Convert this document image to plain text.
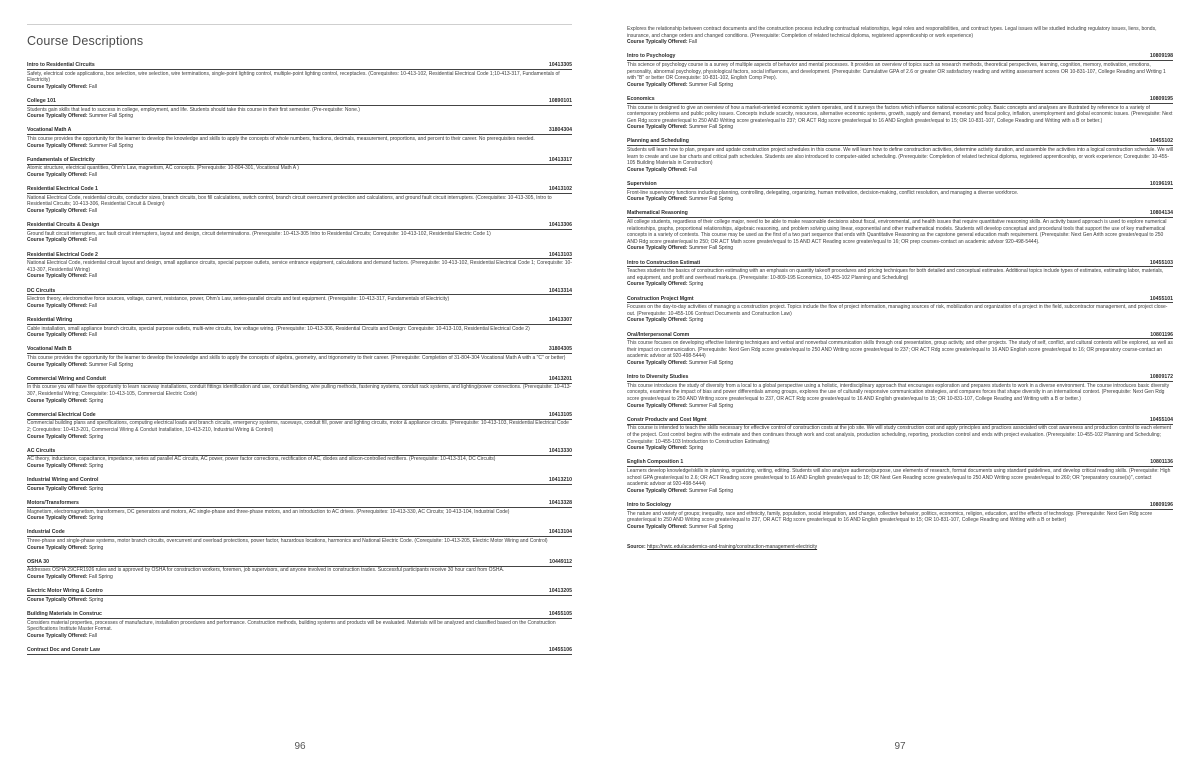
Course Descriptions
Intro to Residential Circuits	10413305
Safety, electrical code applications, box selection, wire selection, wire terminations, single-point lighting control, multiple-point lighting control, receptacles. (Corequisites: 10-413-102, Residential Electrical Code 1;10-413-317, Fundamentals of Electricity)
Course Typically Offered: Fall
College 101	10890101
Students gain skills that lead to success in college, employment, and life. Students should take this course in their first semester. (Pre-requisite: None.)
Course Typically Offered: Summer Fall Spring
Vocational Math A	31804304
This course provides the opportunity for the learner to develop the knowledge and skills to apply the concepts of whole numbers, fractions, decimals, measurement, proportions, and percent to their career. No prerequisites needed.
Course Typically Offered: Summer Fall Spring
Fundamentals of Electricity	10413317
Atomic structure, electrical quantities, Ohm's Law, magnetism, AC concepts. (Prerequisite: 10-804-301, Vocational Math A )
Course Typically Offered: Fall
Residential Electrical Code 1	10413102
National Electrical Code, residential circuits, conductor sizes, branch circuits, box fill calculations, switch control, branch circuit overcurrent protection and calculations, and ground fault circuit interrupters. (Corequisites: 10-413-305, Intro to Residential Circuits; 10-413-306, Residential Circuit & Design)
Course Typically Offered: Fall
Residential Circuits & Design	10413306
Ground fault circuit interrupters, arc fault circuit interrupters, layout and design, circuit determinations. (Prerequisite: 10-413-305 Intro to Residential Circuits; Corequisite: 10-413-102, Residential Electric Code 1)
Course Typically Offered: Fall
Residential Electrical Code 2	10413103
National Electrical Code, residential circuit layout and design, small appliance circuits, special purpose outlets, service entrance equipment, calculations and demand factors. (Prerequisite: 10-413-102, Residential Electrical Code 1; Corequisite: 10-413-307, Residential Wiring)
Course Typically Offered: Fall
DC Circuits	10413314
Electron theory, electromotive force sources, voltage, current, resistance, power, Ohm's Law, series-parallel circuits and test equipment. (Prerequisite: 10-413-317, Fundamentals of Electricity)
Course Typically Offered: Fall
Residential Wiring	10413307
Cable installation, small appliance branch circuits, special purpose outlets, multi-wire circuits, low voltage wiring. (Prerequisite: 10-413-306, Residential Circuits and Design: Corequisite: 10-413-103, Residential Electrical Code 2)
Course Typically Offered: Fall
Vocational Math B	31804305
This course provides the opportunity for the learner to develop the knowledge and skills to apply the concepts of algebra, geometry, and trigonometry to their career. (Prerequisite: Completion of 31-804-304 Vocational Math A with a "C" or better)
Course Typically Offered: Summer Fall Spring
Commercial Wiring and Conduit	10413201
In this course you will have the opportunity to learn raceway installations, conduit fittings identification and use, conduit bending, wire pulling methods, fastening systems, conduit rack systems, and lighting/power connections. (Prerequisite: 10-413-307, Residential Wiring; Corequisite: 10-413-105, Commercial Electric Code)
Course Typically Offered: Spring
Commercial Electrical Code	10413105
Commercial building plans and specifications, computing electrical loads and branch circuits, emergency systems, raceways, conduit fill, power and lighting circuits, motor & appliance circuits. (Prerequisite: 10-413-103, Residential Electrical Code 2; Corequisites: 10-413-201, Commercial Wiring & Conduit Installation, 10-413-210, Industrial Wiring & Control)
Course Typically Offered: Spring
AC Circuits	10413330
AC theory, inductance, capacitance, impedance, series ad parallel AC circuits, AC power, power factor corrections, rectification of AC, diodes and silicon-controlled rectifiers. (Prerequisite: 10-413-314, DC Circuits)
Course Typically Offered: Spring
Industrial Wiring and Control	10413210
Course Typically Offered: Spring
Motors/Transformers	10413328
Magnetism, electromagnetism, transformers, DC generators and motors, AC single-phase and three-phase motors, and an introduction to AC drives. (Prerequisites: 10-413-330, AC Circuits; 10-413-104, Industrial Code)
Course Typically Offered: Spring
Industrial Code	10413104
Three-phase and single-phase systems, motor branch circuits, overcurrent and overload protections, power factor, hazardous locations, harmonics and National Electric Code. (Corequisite: 10-413-205, Electric Motor Wiring and Control)
Course Typically Offered: Spring
OSHA 30	10449112
Addresses OSHA 29CFR1926 rules and is approved by OSHA for construction workers, foremen, job supervisors, and anyone involved in construction trades. Successful participants receive 30 hour card from OSHA.
Course Typically Offered: Fall Spring
Electric Motor Wiring & Contro	10413205
Course Typically Offered: Spring
Building Materials in Construc	10455105
Considers material properties, processes of manufacture, installation procedures and performance. Construction methods, building systems and products will be evaluated. Materials will be analyzed and classified based on the Construction Specifications Institute Master Format.
Course Typically Offered: Fall
Contract Doc and Constr Law	10455106
96
Explores the relationship between contract documents and the construction process including contractual relationships, legal roles and responsibilities, and contract types. Legal issues will be studied including regulatory issues, liens, bonds, insurance, and change orders and changed conditions. (Prerequisite: Completion of related technical diploma, registered apprenticeship or work experience)
Course Typically Offered: Fall
Intro to Psychology	10809198
This science of psychology course is a survey of multiple aspects of behavior and mental processes. It provides an overview of topics such as research methods, theoretical perspectives, learning, cognition, memory, motivation, emotions, personality, abnormal psychology, physiological factors, social influences, and development. (Prerequisite: Cumulative GPA of 2.6 or greater OR satisfactory reading and writing assessment scores OR 10-831-107, College Reading and Writing 1 with "B" or better OR Corequisite: 10-831-102, English Comp Prep).
Course Typically Offered: Summer Fall Spring
Economics	10809195
This course is designed to give an overview of how a market-oriented economic system operates, and it surveys the factors which influence national economic policy. Basic concepts and analyses are illustrated by reference to a variety of contemporary problems and public policy issues. Concepts include scarcity, resources, alternative economic systems, growth, supply and demand, monetary and fiscal policy, inflation, unemployment and global economic issues. (Prerequisite: Next Gen Rdg score greater/equal to 250 AND Writing score greater/equal to 237; OR ACT Rdg score greater/equal to 16 AND English greater/equal to 15; OR 10-831-107, College Reading and Writing with a B or better.)
Course Typically Offered: Summer Fall Spring
Planning and Scheduling	10455102
Students will learn how to plan, prepare and update construction project schedules in this course. We will learn how to define construction activities, determine activity duration, and assemble the activities into a logical construction schedule. We will learn to create and use bar charts and critical path schedules. Students are also introduced to computer-aided scheduling. (Prerequisite: Completion of related technical diploma, registered apprenticeship, or work experience; Corequisite: 10-455-105 Building Materials in Construction)
Course Typically Offered: Fall
Supervision	10196191
Front-line supervisory functions including planning, controlling, delegating, organizing, human motivation, decision-making, conflict resolution, and managing a diverse workforce.
Course Typically Offered: Summer Fall Spring
Mathematical Reasoning	10804134
All college students, regardless of their college major, need to be able to make reasonable decisions about fiscal, environmental, and health issues that require quantitative reasoning skills. An activity based approach is used to explore numerical relationships, graphs, proportional relationships, algebraic reasoning, and problem solving using linear, exponential and other mathematical models. Students will develop conceptual and procedural tools that support the use of key mathematical concepts in a variety of contexts. This course may be used as the first of a two part sequence that ends with Quantitative Reasoning as the capstone general education math requirement. (Prerequisite: Next Gen Arith score greater/equal to 250 AND Rdg score greater/equal to 250; OR ACT Math score greater/equal to 15 AND ACT Reading score greater/equal to 16; OR prep courses-contact an academic advisor 920-498-5444).
Course Typically Offered: Summer Fall Spring
Intro to Construction Estimati	10455103
Teaches students the basics of construction estimating with an emphasis on quantity takeoff procedures and pricing techniques for both detailed and conceptual estimates. Additional topics include types of estimates, estimating labor, materials, and equipment, and profit and overhead markups. (Prerequisite: 10-809-195 Economics, 10-455-102 Planning and Scheduling)
Course Typically Offered: Spring
Construction Project Mgmt	10455101
Focuses on the day-to-day activities of managing a construction project. Topics include the flow of project information, managing sources of risk, mobilization and organization of a project in the field, subcontractor management, and project close-out. (Prerequisite: 10-455-106 Contract Documents and Construction Law)
Course Typically Offered: Spring
Oral/Interpersonal Comm	10801196
This course focuses on developing effective listening techniques and verbal and nonverbal communication skills through oral presentation, group activity, and other projects. The study of self, conflict, and cultural contexts will be explored, as well as their impact on communication. (Prerequisite: Next Gen Rdg score greater/equal to 250 AND Writing score greater/equal to 237; OR ACT Rdg score greater/equal to 16 AND English score greater/equal to 16; OR preparatory course-contact an academic advisor at 920-498-5444)
Course Typically Offered: Summer Fall Spring
Intro to Diversity Studies	10809172
This course introduces the study of diversity from a local to a global perspective using a holistic, interdisciplinary approach that encourages exploration and prepares students to work in a diverse environment. The course introduces basic diversity concepts, examines the impact of bias and power differentials among groups, explores the use of culturally responsive communication strategies, and compares forces that shape diversity in an international context. (Prerequisite: Next Gen Rdg score greater/equal to 250 AND Writing score greater/equal to 237, OR ACT Rdg score greater/equal to 16 AND English greater/equal to 15; OR 10-831-107, College Reading and Writing with a B or better.)
Course Typically Offered: Summer Fall Spring
Constr Productv and Cost Mgmt	10455104
This course is intended to teach the skills necessary for effective control of construction costs at the job site. We will study construction cost and apply principles and practices associated with cost awareness and production control to each element of the project. Cost control begins with the estimate and then continues through work and cost analysis, production scheduling, reporting, production control and ends with project evaluation. (Prerequisite: 10-455-102 Planning and Scheduling; Corequisite: 10-455-103 Introduction to Construction Estimating)
Course Typically Offered: Spring
English Composition 1	10801136
Learners develop knowledge/skills in planning, organizing, writing, editing. Students will also analyze audience/purpose, use elements of research, format documents using standard guidelines, and develop critical reading skills. (Prerequisite: High school GPA greater/equal to 2.6; OR ACT Reading score greater/equal to 16 AND English greater/equal to 18; OR Next Gen Reading score greater/equal to 250 AND Writing score greater/equal to 260; OR "preparatory course(s)", contact academic advisor at 920-498-5444)
Course Typically Offered: Summer Fall Spring
Intro to Sociology	10809196
The nature and variety of groups; inequality, race and ethnicity, family, population, social integration, and change, collective behavior, politics, economics, religion, education, and the effects of technology. (Prerequisite: Next Gen Rdg score greater/equal to 250 AND Writing score greater/equal to 237, OR ACT Rdg score greater/equal to 16 AND English greater/equal to 15; OR 10-831-107, College Reading and Writing with a B or better)
Course Typically Offered: Summer Fall Spring
Source: https://nwtc.edu/academics-and-training/construction-management-electricity
97
